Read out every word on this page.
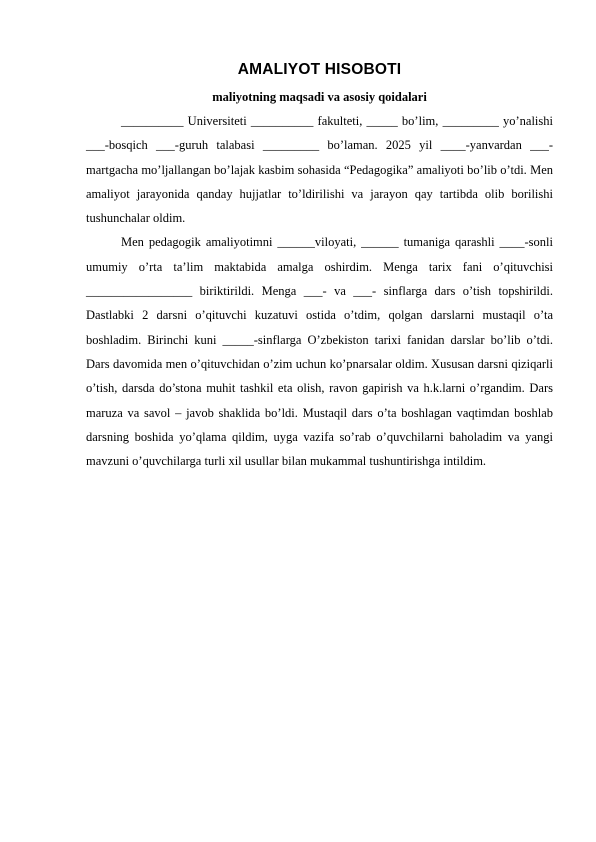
AMALIYOT HISOBOTI
maliyotning maqsadi va asosiy qoidalari

__________ Universiteti __________ fakulteti, _____ bo’lim, _________ yo’nalishi ___-bosqich ___-guruh talabasi _________ bo’laman. 2025 yil ____-yanvardan ___-martgacha mo’ljallangan bo’lajak kasbim sohasida “Pedagogika” amaliyoti bo’lib o’tdi. Men amaliyot jarayonida qanday hujjatlar to’ldirilishi va jarayon qay tartibda olib borilishi tushunchalar oldim.

Men pedagogik amaliyotimni ______viloyati, ______ tumaniga qarashli ____-sonli umumiy o’rta ta’lim maktabida amalga oshirdim. Menga tarix fani o’qituvchisi _________________ biriktirildi. Menga ___- va ___- sinflarga dars o’tish topshirildi. Dastlabki 2 darsni o’qituvchi kuzatuvi ostida o’tdim, qolgan darslarni mustaqil o’ta boshladim. Birinchi kuni _____-sinflarga O’zbekiston tarixi fanidan darslar bo’lib o’tdi. Dars davomida men o’qituvchidan o’zim uchun ko’pnarsalar oldim. Xususan darsni qiziqarli o’tish, darsda do’stona muhit tashkil eta olish, ravon gapirish va h.k.larni o’rgandim. Dars maruza va savol – javob shaklida bo’ldi. Mustaqil dars o’ta boshlagan vaqtimdan boshlab darsning boshida yo’qlama qildim, uyga vazifa so’rab o’quvchilarni baholadim va yangi mavzuni o’quvchilarga turli xil usullar bilan mukammal tushuntirishga intildim.
